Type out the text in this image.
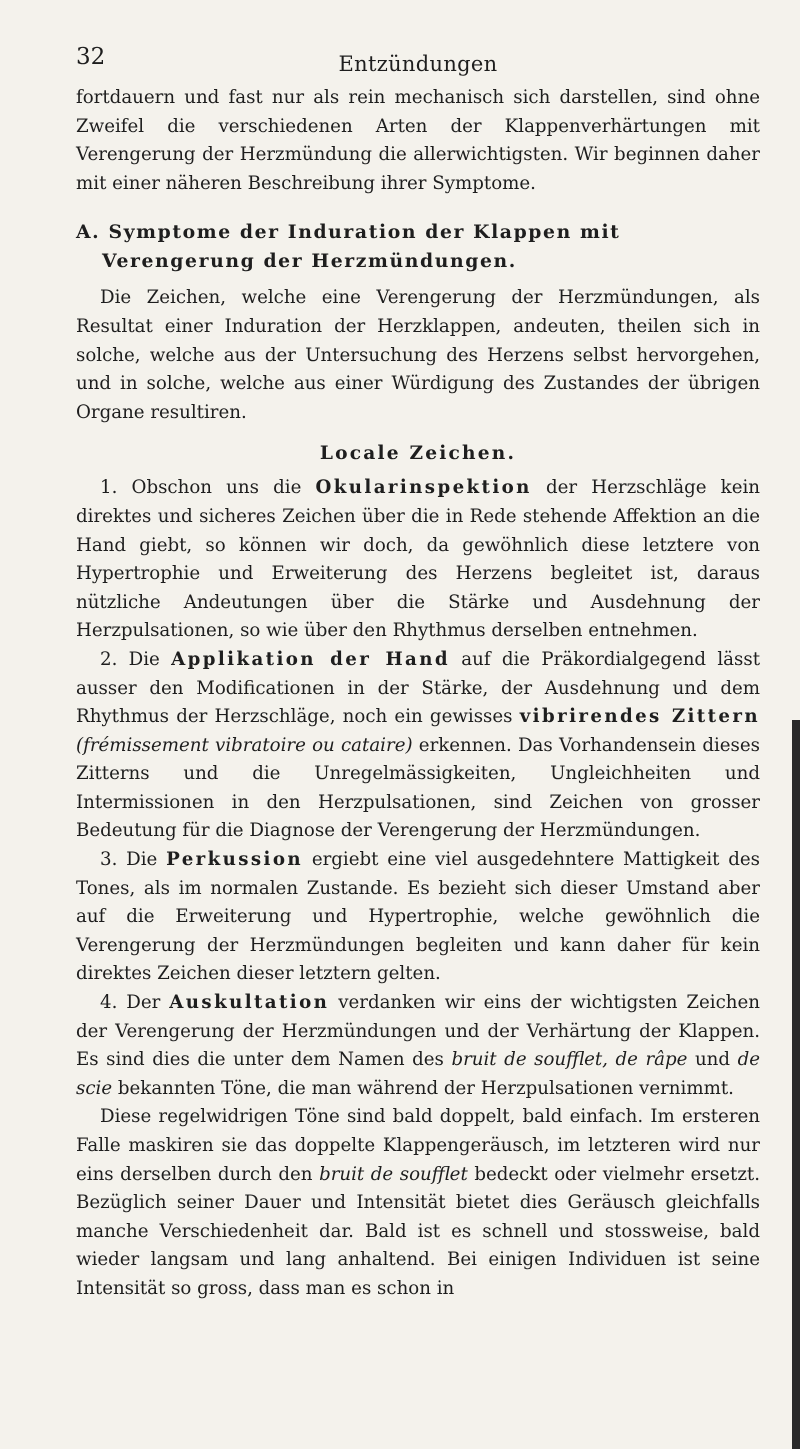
32	Entzündungen

fortdauern und fast nur als rein mechanisch sich darstellen, sind ohne Zweifel die verschiedenen Arten der Klappenverhärtungen mit Verengerung der Herzmündung die allerwichtigsten. Wir beginnen daher mit einer näheren Beschreibung ihrer Symptome.

A. Symptome der Induration der Klappen mit Verengerung der Herzmündungen.

Die Zeichen, welche eine Verengerung der Herzmündungen, als Resultat einer Induration der Herzklappen, andeuten, theilen sich in solche, welche aus der Untersuchung des Herzens selbst hervorgehen, und in solche, welche aus einer Würdigung des Zustandes der übrigen Organe resultiren.

Locale Zeichen.

1. Obschon uns die Okularinspektion der Herzschläge kein direktes und sicheres Zeichen über die in Rede stehende Affektion an die Hand giebt, so können wir doch, da gewöhnlich diese letztere von Hypertrophie und Erweiterung des Herzens begleitet ist, daraus nützliche Andeutungen über die Stärke und Ausdehnung der Herzpulsationen, so wie über den Rhythmus derselben entnehmen.

2. Die Applikation der Hand auf die Präkordialgegend lässt ausser den Modificationen in der Stärke, der Ausdehnung und dem Rhythmus der Herzschläge, noch ein gewisses vibrirendes Zittern (frémissement vibratoire ou cataire) erkennen. Das Vorhandensein dieses Zitterns und die Unregelmässigkeiten, Ungleichheiten und Intermissionen in den Herzpulsationen, sind Zeichen von grosser Bedeutung für die Diagnose der Verengerung der Herzmündungen.

3. Die Perkussion ergiebt eine viel ausgedehntere Mattigkeit des Tones, als im normalen Zustande. Es bezieht sich dieser Umstand aber auf die Erweiterung und Hypertrophie, welche gewöhnlich die Verengerung der Herzmündungen begleiten und kann daher für kein direktes Zeichen dieser letztern gelten.

4. Der Auskultation verdanken wir eins der wichtigsten Zeichen der Verengerung der Herzmündungen und der Verhärtung der Klappen. Es sind dies die unter dem Namen des bruit de soufflet, de râpe und de scie bekannten Töne, die man während der Herzpulsationen vernimmt.

Diese regelwidrigen Töne sind bald doppelt, bald einfach. Im ersteren Falle maskiren sie das doppelte Klappengeräusch, im letzteren wird nur eins derselben durch den bruit de soufflet bedeckt oder vielmehr ersetzt. Bezüglich seiner Dauer und Intensität bietet dies Geräusch gleichfalls manche Verschiedenheit dar. Bald ist es schnell und stossweise, bald wieder langsam und lang anhaltend. Bei einigen Individuen ist seine Intensität so gross, dass man es schon in
